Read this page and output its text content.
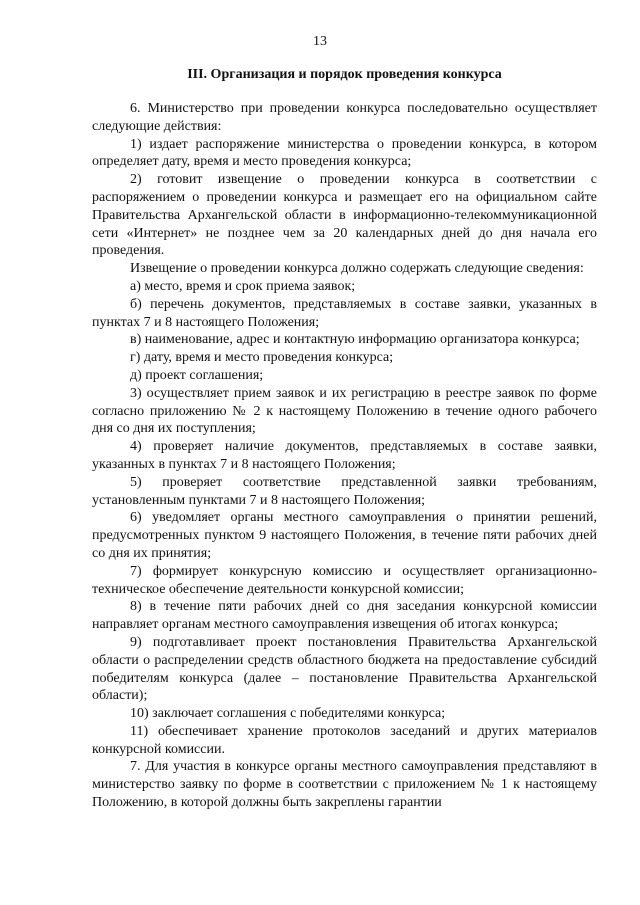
13
III. Организация и порядок проведения конкурса

6. Министерство при проведении конкурса последовательно осуществляет следующие действия:

1) издает распоряжение министерства о проведении конкурса, в котором определяет дату, время и место проведения конкурса;

2) готовит извещение о проведении конкурса в соответствии с распоряжением о проведении конкурса и размещает его на официальном сайте Правительства Архангельской области в информационно-телекоммуникационной сети «Интернет» не позднее чем за 20 календарных дней до дня начала его проведения.

Извещение о проведении конкурса должно содержать следующие сведения:

а) место, время и срок приема заявок;

б) перечень документов, представляемых в составе заявки, указанных в пунктах 7 и 8 настоящего Положения;

в) наименование, адрес и контактную информацию организатора конкурса;

г) дату, время и место проведения конкурса;

д) проект соглашения;

3) осуществляет прием заявок и их регистрацию в реестре заявок по форме согласно приложению № 2 к настоящему Положению в течение одного рабочего дня со дня их поступления;

4) проверяет наличие документов, представляемых в составе заявки, указанных в пунктах 7 и 8 настоящего Положения;

5) проверяет соответствие представленной заявки требованиям, установленным пунктами 7 и 8 настоящего Положения;

6) уведомляет органы местного самоуправления о принятии решений, предусмотренных пунктом 9 настоящего Положения, в течение пяти рабочих дней со дня их принятия;

7) формирует конкурсную комиссию и осуществляет организационно-техническое обеспечение деятельности конкурсной комиссии;

8) в течение пяти рабочих дней со дня заседания конкурсной комиссии направляет органам местного самоуправления извещения об итогах конкурса;

9) подготавливает проект постановления Правительства Архангельской области о распределении средств областного бюджета на предоставление субсидий победителям конкурса (далее – постановление Правительства Архангельской области);

10) заключает соглашения с победителями конкурса;

11) обеспечивает хранение протоколов заседаний и других материалов конкурсной комиссии.

7. Для участия в конкурсе органы местного самоуправления представляют в министерство заявку по форме в соответствии с приложением № 1 к настоящему Положению, в которой должны быть закреплены гарантии
